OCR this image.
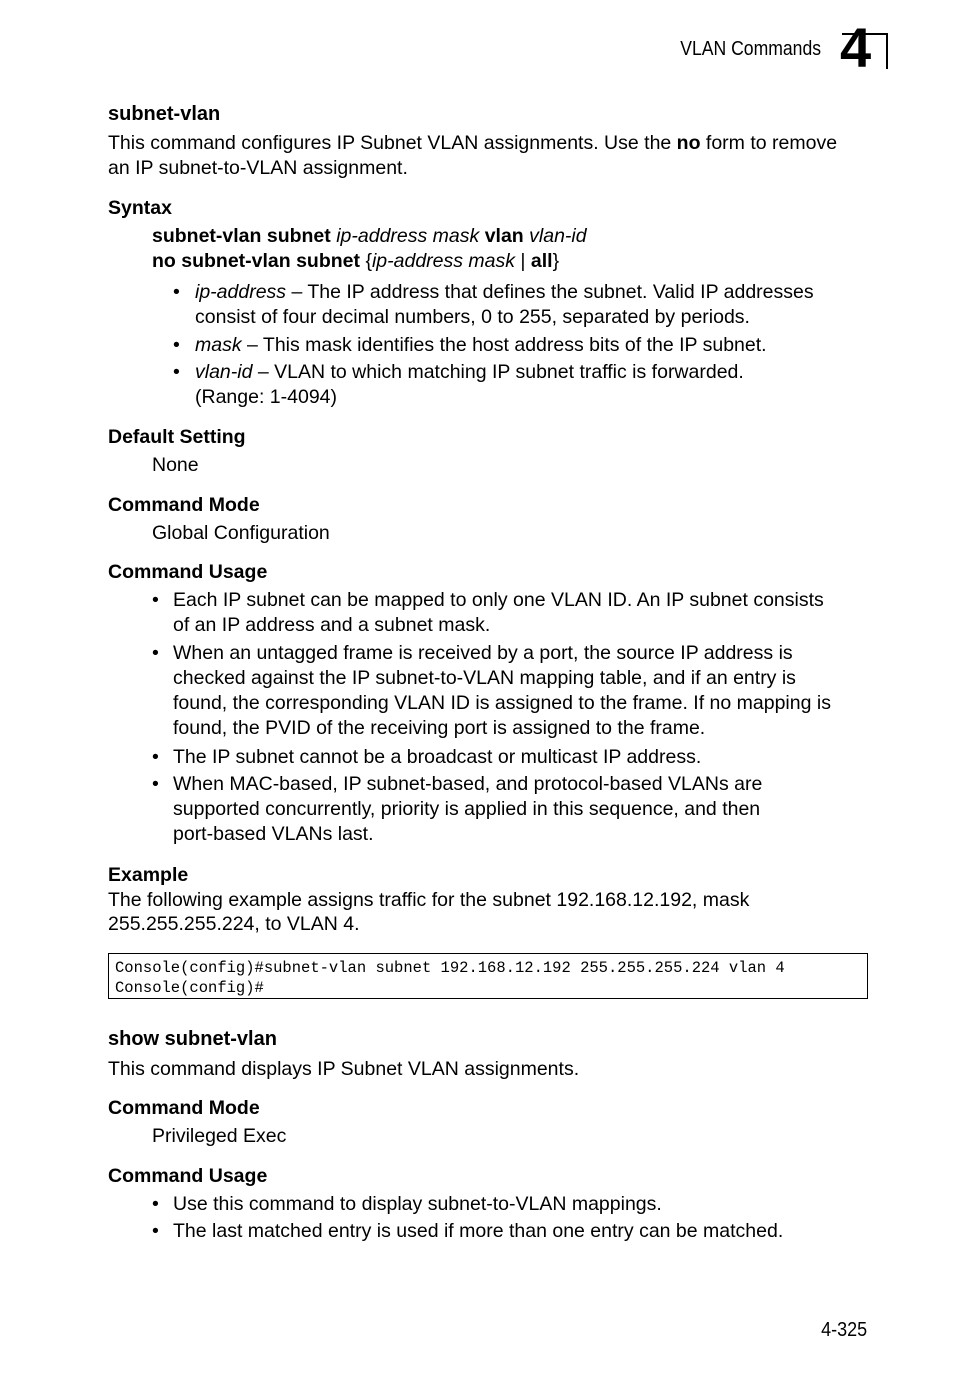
VLAN Commands 4
subnet-vlan
This command configures IP Subnet VLAN assignments. Use the no form to remove
an IP subnet-to-VLAN assignment.
Syntax
subnet-vlan subnet ip-address mask vlan vlan-id
no subnet-vlan subnet {ip-address mask | all}
• ip-address – The IP address that defines the subnet. Valid IP addresses
consist of four decimal numbers, 0 to 255, separated by periods.
• mask – This mask identifies the host address bits of the IP subnet.
• vlan-id – VLAN to which matching IP subnet traffic is forwarded.
(Range: 1-4094)
Default Setting
None
Command Mode
Global Configuration
Command Usage
• Each IP subnet can be mapped to only one VLAN ID. An IP subnet consists
of an IP address and a subnet mask.
• When an untagged frame is received by a port, the source IP address is
checked against the IP subnet-to-VLAN mapping table, and if an entry is
found, the corresponding VLAN ID is assigned to the frame. If no mapping is
found, the PVID of the receiving port is assigned to the frame.
• The IP subnet cannot be a broadcast or multicast IP address.
• When MAC-based, IP subnet-based, and protocol-based VLANs are
supported concurrently, priority is applied in this sequence, and then
port-based VLANs last.
Example
The following example assigns traffic for the subnet 192.168.12.192, mask
255.255.255.224, to VLAN 4.
Console(config)#subnet-vlan subnet 192.168.12.192 255.255.255.224 vlan 4
Console(config)#
show subnet-vlan
This command displays IP Subnet VLAN assignments.
Command Mode
Privileged Exec
Command Usage
• Use this command to display subnet-to-VLAN mappings.
• The last matched entry is used if more than one entry can be matched.
4-325
